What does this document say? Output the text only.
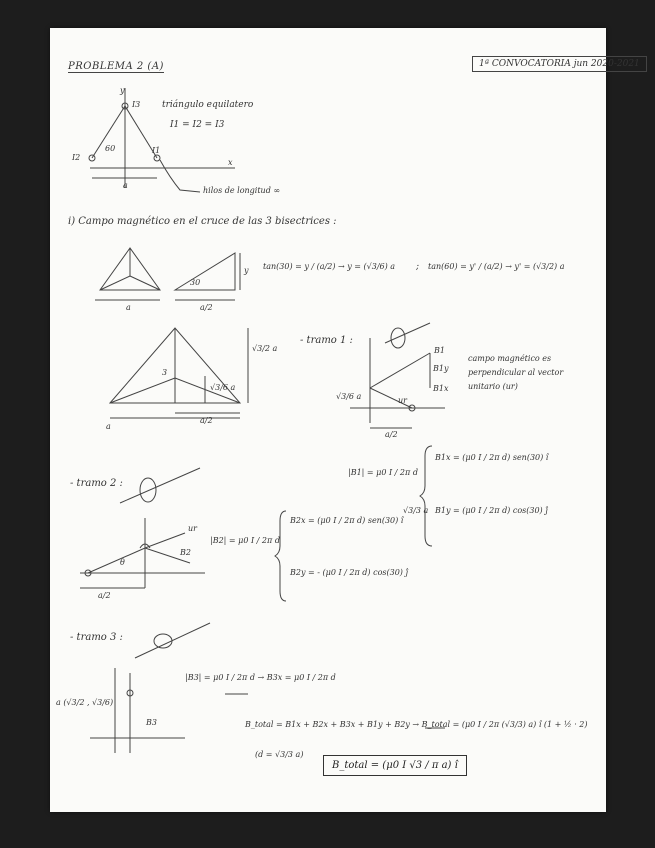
PROBLEMA 2 (A)	1ª CONVOCATORIA jun 2020-2021
y
x
I3
I2
I1
60
a
triángulo equilatero
I1 = I2 = I3
hilos de longitud ∞
i) Campo magnético en el cruce de las 3 bisectrices :
tan(30) = y / (a/2) → y = (√3/6) a ; tan(60) = y' / (a/2) → y' = (√3/2) a
a	a/2
y
30
√3/2 a
√3/6 a
a/2
a
3
- tramo 1 :
B1
B1y
B1x
ur
√3/6 a
a/2
campo magnético es perpendicular al vector unitario (ur)
|B1| = μ0 I / 2π d
B1x = (μ0 I / 2π d) sen(30) î
B1y = (μ0 I / 2π d) cos(30) ĵ
√3/3 a
- tramo 2 :
B2
ur
|B2| = μ0 I / 2π d
B2x = (μ0 I / 2π d) sen(30) î
B2y = - (μ0 I / 2π d) cos(30) ĵ
a/2
θ
- tramo 3 :
a (√3/2 , √3/6)
B3
|B3| = μ0 I / 2π d → B3x = μ0 I / 2π d
B_total = B1x + B2x + B3x + B1y + B2y → B_total = (μ0 I / 2π (√3/3) a) î (1 + ½ · 2)
(d = √3/3 a)
B_total = (μ0 I √3 / π a) î
